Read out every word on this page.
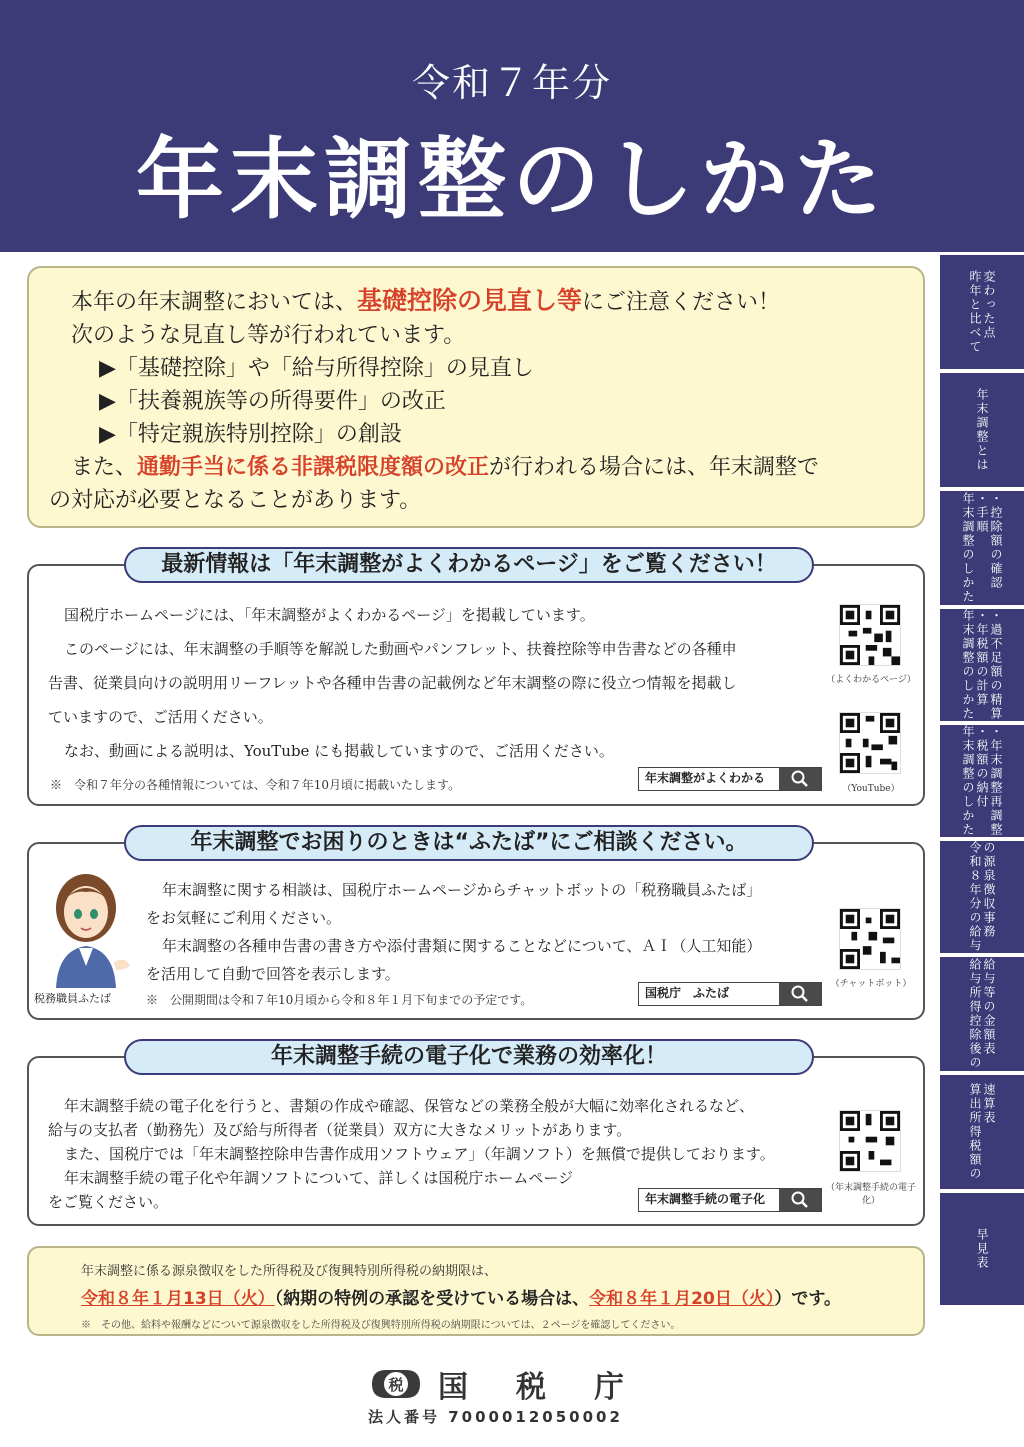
令和７年分
年末調整のしかた
変わった点
昨年と比べて
年末調整とは
・控除額の確認
・手順
年末調整のしかた
・過不足額の精算
・年税額の計算
年末調整のしかた
・年末調整再調整
・税額の納付
年末調整のしかた
の源泉徴収事務
令和８年分の給与
給与等の金額表
給与所得控除後の
速算表
算出所得税額の
早見表
本年の年末調整においては、基礎控除の見直し等にご注意ください！
次のような見直し等が行われています。
▶「基礎控除」や「給与所得控除」の見直し
▶「扶養親族等の所得要件」の改正
▶「特定親族特別控除」の創設
また、通勤手当に係る非課税限度額の改正が行われる場合には、年末調整で
の対応が必要となることがあります。
最新情報は「年末調整がよくわかるページ」をご覧ください！

国税庁ホームページには、「年末調整がよくわかるページ」を掲載しています。

このページには、年末調整の手順等を解説した動画やパンフレット、扶養控除等申告書などの各種申

告書、従業員向けの説明用リーフレットや各種申告書の記載例など年末調整の際に役立つ情報を掲載し

ていますので、ご活用ください。

なお、動画による説明は、YouTube にも掲載していますので、ご活用ください。

※　令和７年分の各種情報については、令和７年10月頃に掲載いたします。	年末調整がよくわかる
（よくわかるページ）
（YouTube）
年末調整でお困りのときは“ふたば”にご相談ください。
税務職員ふたば

年末調整に関する相談は、国税庁ホームページからチャットボットの「税務職員ふたば」

をお気軽にご利用ください。

年末調整の各種申告書の書き方や添付書類に関することなどについて、ＡＩ（人工知能）

を活用して自動で回答を表示します。

※　公開期間は令和７年10月頃から令和８年１月下旬までの予定です。	国税庁　ふたば
（チャットボット）
年末調整手続の電子化で業務の効率化！

年末調整手続の電子化を行うと、書類の作成や確認、保管などの業務全般が大幅に効率化されるなど、

給与の支払者（勤務先）及び給与所得者（従業員）双方に大きなメリットがあります。

また、国税庁では「年末調整控除申告書作成用ソフトウェア」（年調ソフト）を無償で提供しております。

年末調整手続の電子化や年調ソフトについて、詳しくは国税庁ホームページ

をご覧ください。	年末調整手続の電子化
（年末調整手続の電子化）
年末調整に係る源泉徴収をした所得税及び復興特別所得税の納期限は、
令和８年１月13日（火）（納期の特例の承認を受けている場合は、令和８年１月20日（火））です。
※　その他、給料や報酬などについて源泉徴収をした所得税及び復興特別所得税の納期限については、２ページを確認してください。
税 国税庁
法人番号 7000012050002
